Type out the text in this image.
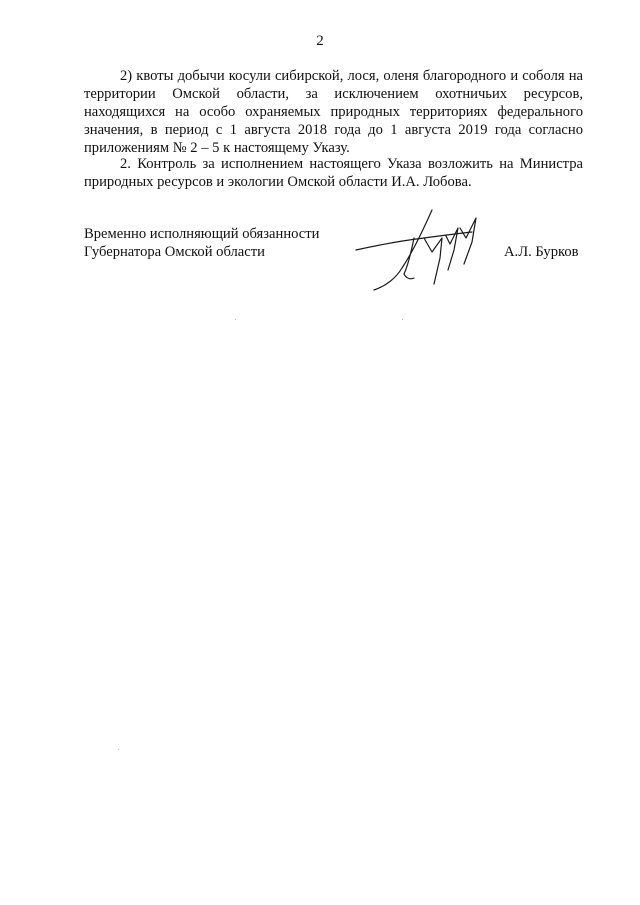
2

2) квоты добычи косули сибирской, лося, оленя благородного и соболя на территории Омской области, за исключением охотничьих ресурсов, находящихся на особо охраняемых природных территориях федерального значения, в период с 1 августа 2018 года до 1 августа 2019 года согласно приложениям № 2 – 5 к настоящему Указу.

2. Контроль за исполнением настоящего Указа возложить на Министра природных ресурсов и экологии Омской области И.А. Лобова.

Временно исполняющий обязанности
Губернатора Омской области	А.Л. Бурков
